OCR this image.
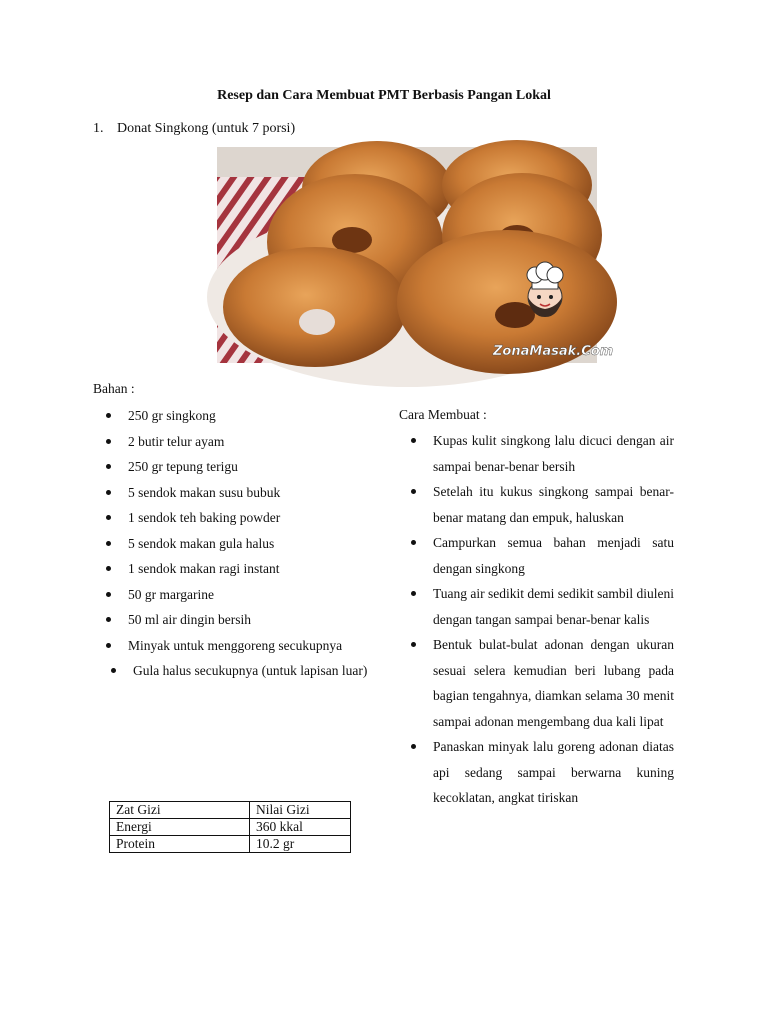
Resep dan Cara Membuat PMT Berbasis Pangan Lokal
1. Donat Singkong (untuk 7 porsi)
ZonaMasak.Com
Bahan :
250 gr singkong
2 butir telur ayam
250 gr tepung terigu
5 sendok makan susu bubuk
1 sendok teh baking powder
5 sendok makan gula halus
1 sendok makan ragi instant
50 gr margarine
50 ml air dingin bersih
Minyak untuk menggoreng secukupnya
Gula halus secukupnya (untuk lapisan luar)
Zat Gizi	Nilai Gizi
Energi	360 kkal
Protein	10.2 gr
Cara Membuat :
Kupas kulit singkong lalu dicuci dengan air sampai benar-benar bersih
Setelah itu kukus singkong sampai benar-benar matang dan empuk, haluskan
Campurkan semua bahan menjadi satu dengan singkong
Tuang air sedikit demi sedikit sambil diuleni dengan tangan sampai benar-benar kalis
Bentuk bulat-bulat adonan dengan ukuran sesuai selera kemudian beri lubang pada bagian tengahnya, diamkan selama 30 menit sampai adonan mengembang dua kali lipat
Panaskan minyak lalu goreng adonan diatas api sedang sampai berwarna kuning kecoklatan, angkat tiriskan
